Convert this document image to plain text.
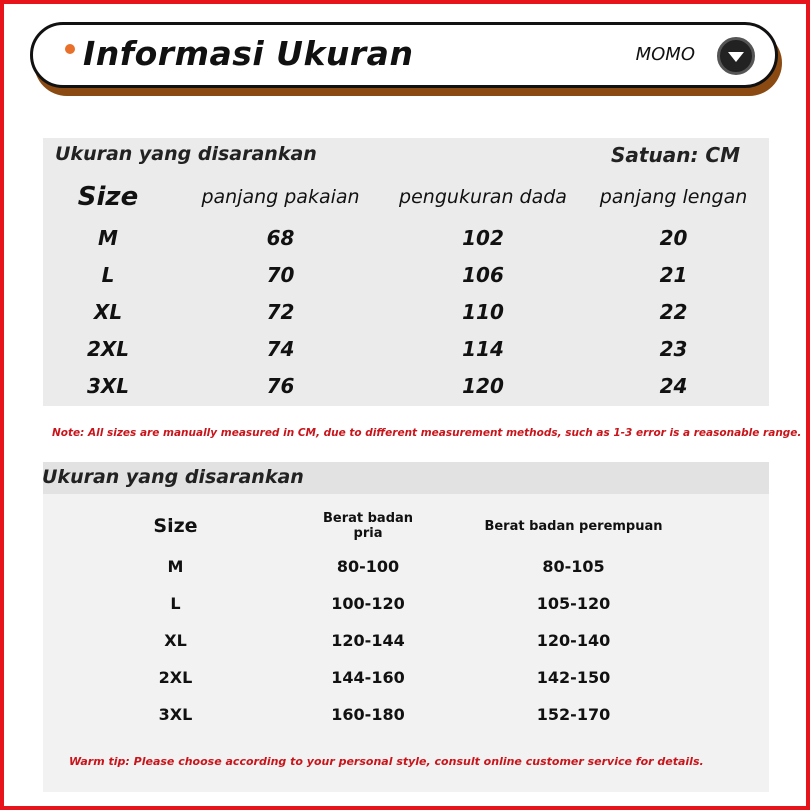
Informasi Ukuran	MOMO
Ukuran yang disarankan	Satuan: CM
Size	panjang pakaian	pengukuran dada	panjang lengan
M	68	102	20
L	70	106	21
XL	72	110	22
2XL	74	114	23
3XL	76	120	24
Note: All sizes are manually measured in CM, due to different measurement methods, such as 1-3 error is a reasonable range.
Ukuran yang disarankan
Size	Berat badan pria	Berat badan perempuan
M	80-100	80-105
L	100-120	105-120
XL	120-144	120-140
2XL	144-160	142-150
3XL	160-180	152-170
Warm tip: Please choose according to your personal style, consult online customer service for details.
